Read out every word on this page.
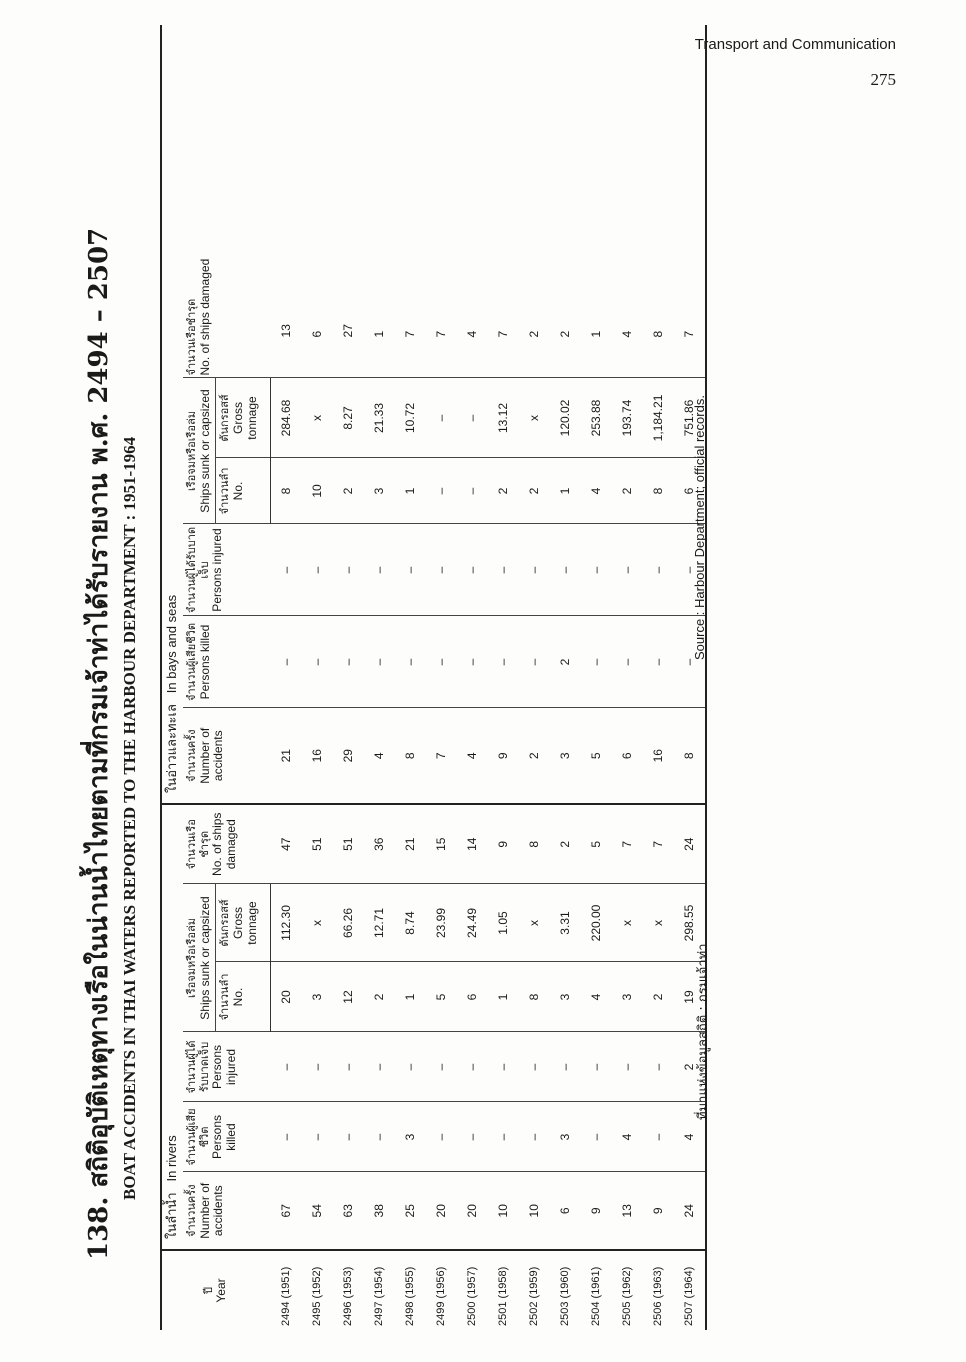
Transport and Communication
275
138. สถิติอุบัติเหตุทางเรือในน่านน้ำไทยตามที่กรมเจ้าท่าได้รับรายงาน พ.ศ. 2494 – 2507 BOAT ACCIDENTS IN THAI WATERS REPORTED TO THE HARBOUR DEPARTMENT : 1951-1964
ปี Year	ในลำน้ำ   In rivers						ในอ่าวและทะเล   In bays and seas					

	จำนวนครั้ง Number of accidents	จำนวนผู้เสียชีวิต Persons killed	จำนวนผู้ได้รับบาดเจ็บ Persons injured	เรือจมหรือเรือล่ม Ships sunk or capsized		จำนวนเรือชำรุด No. of ships damaged	จำนวนครั้ง Number of accidents	จำนวนผู้เสียชีวิต Persons killed	จำนวนผู้ได้รับบาดเจ็บ Persons injured	เรือจมหรือเรือล่ม Ships sunk or capsized		จำนวนเรือชำรุด No. of ships damaged

				จำนวนลำ No.	ตันกรอสส์ Gross tonnage					จำนวนลำ No.	ตันกรอสส์ Gross tonnage	

2494 (1951)	67	–	–	20	112.30	47	21	–	–	8	284.68	13
2495 (1952)	54	–	–	3	x	51	16	–	–	10	x	6
2496 (1953)	63	–	–	12	66.26	51	29	–	–	2	8.27	27
2497 (1954)	38	–	–	2	12.71	36	4	–	–	3	21.33	1
2498 (1955)	25	3	–	1	8.74	21	8	–	–	1	10.72	7
2499 (1956)	20	–	–	5	23.99	15	7	–	–	–	–	7
2500 (1957)	20	–	–	6	24.49	14	4	–	–	–	–	4
2501 (1958)	10	–	–	1	1.05	9	9	–	–	2	13.12	7
2502 (1959)	10	–	–	8	x	8	2	–	–	2	x	2
2503 (1960)	6	3	–	3	3.31	2	3	2	–	1	120.02	2
2504 (1961)	9	–	–	4	220.00	5	5	–	–	4	253.88	1
2505 (1962)	13	4	–	3	x	7	6	–	–	2	193.74	4
2506 (1963)	9	–	–	2	x	7	16	–	–	8	1,184.21	8
2507 (1964)	24	4	2	19	298.55	24	8	–	–	6	751.86	7
ที่มาแห่งข้อมูลสถิติ : กรมเจ้าท่า
Source : Harbour Department; official records.
